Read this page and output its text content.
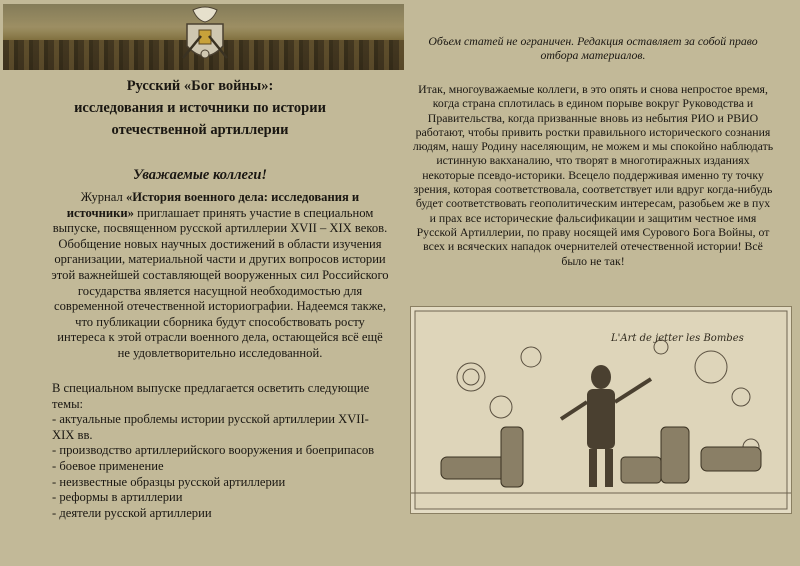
Русский «Бог войны»:
исследования и источники по истории
отечественной артиллерии
Уважаемые коллеги!
Журнал «История военного дела: исследования и источники» приглашает принять участие в специальном выпуске, посвященном русской артиллерии XVII – XIX веков. Обобщение новых научных достижений в области изучения организации, материальной части и других вопросов истории этой важнейшей составляющей вооруженных сил Российского государства является насущной необходимостью для современной отечественной историографии. Надеемся также, что публикации сборника будут способствовать росту интереса к этой отрасли военного дела, остающейся всё ещё не удовлетворительно исследованной.

В специальном выпуске предлагается осветить следующие темы:

- актуальные проблемы истории русской артиллерии XVII-XIX вв.
- производство артиллерийского вооружения и боеприпасов
- боевое применение
- неизвестные образцы русской артиллерии
- реформы в артиллерии
- деятели русской артиллерии
Объем статей не ограничен. Редакция оставляет за собой право отбора материалов.
Итак, многоуважаемые коллеги, в это опять и снова непростое время, когда страна сплотилась в едином порыве вокруг Руководства и Правительства, когда призванные вновь из небытия РИО и РВИО работают, чтобы привить ростки правильного исторического сознания людям, нашу Родину населяющим, не можем и мы спокойно наблюдать истинную вакханалию, что творят в многотиражных изданиях некоторые псевдо-историки. Всецело поддерживая именно ту точку зрения, которая соответствовала, соответствует или вдруг когда-нибудь будет соответствовать геополитическим интересам, разобьем же в пух и прах все исторические фальсификации и защитим честное имя Русской Артиллерии, по праву носящей имя Сурового Бога Войны, от всех и всяческих нападок очернителей отечественной истории! Всё было не так!
L'Art de jetter les Bombes
